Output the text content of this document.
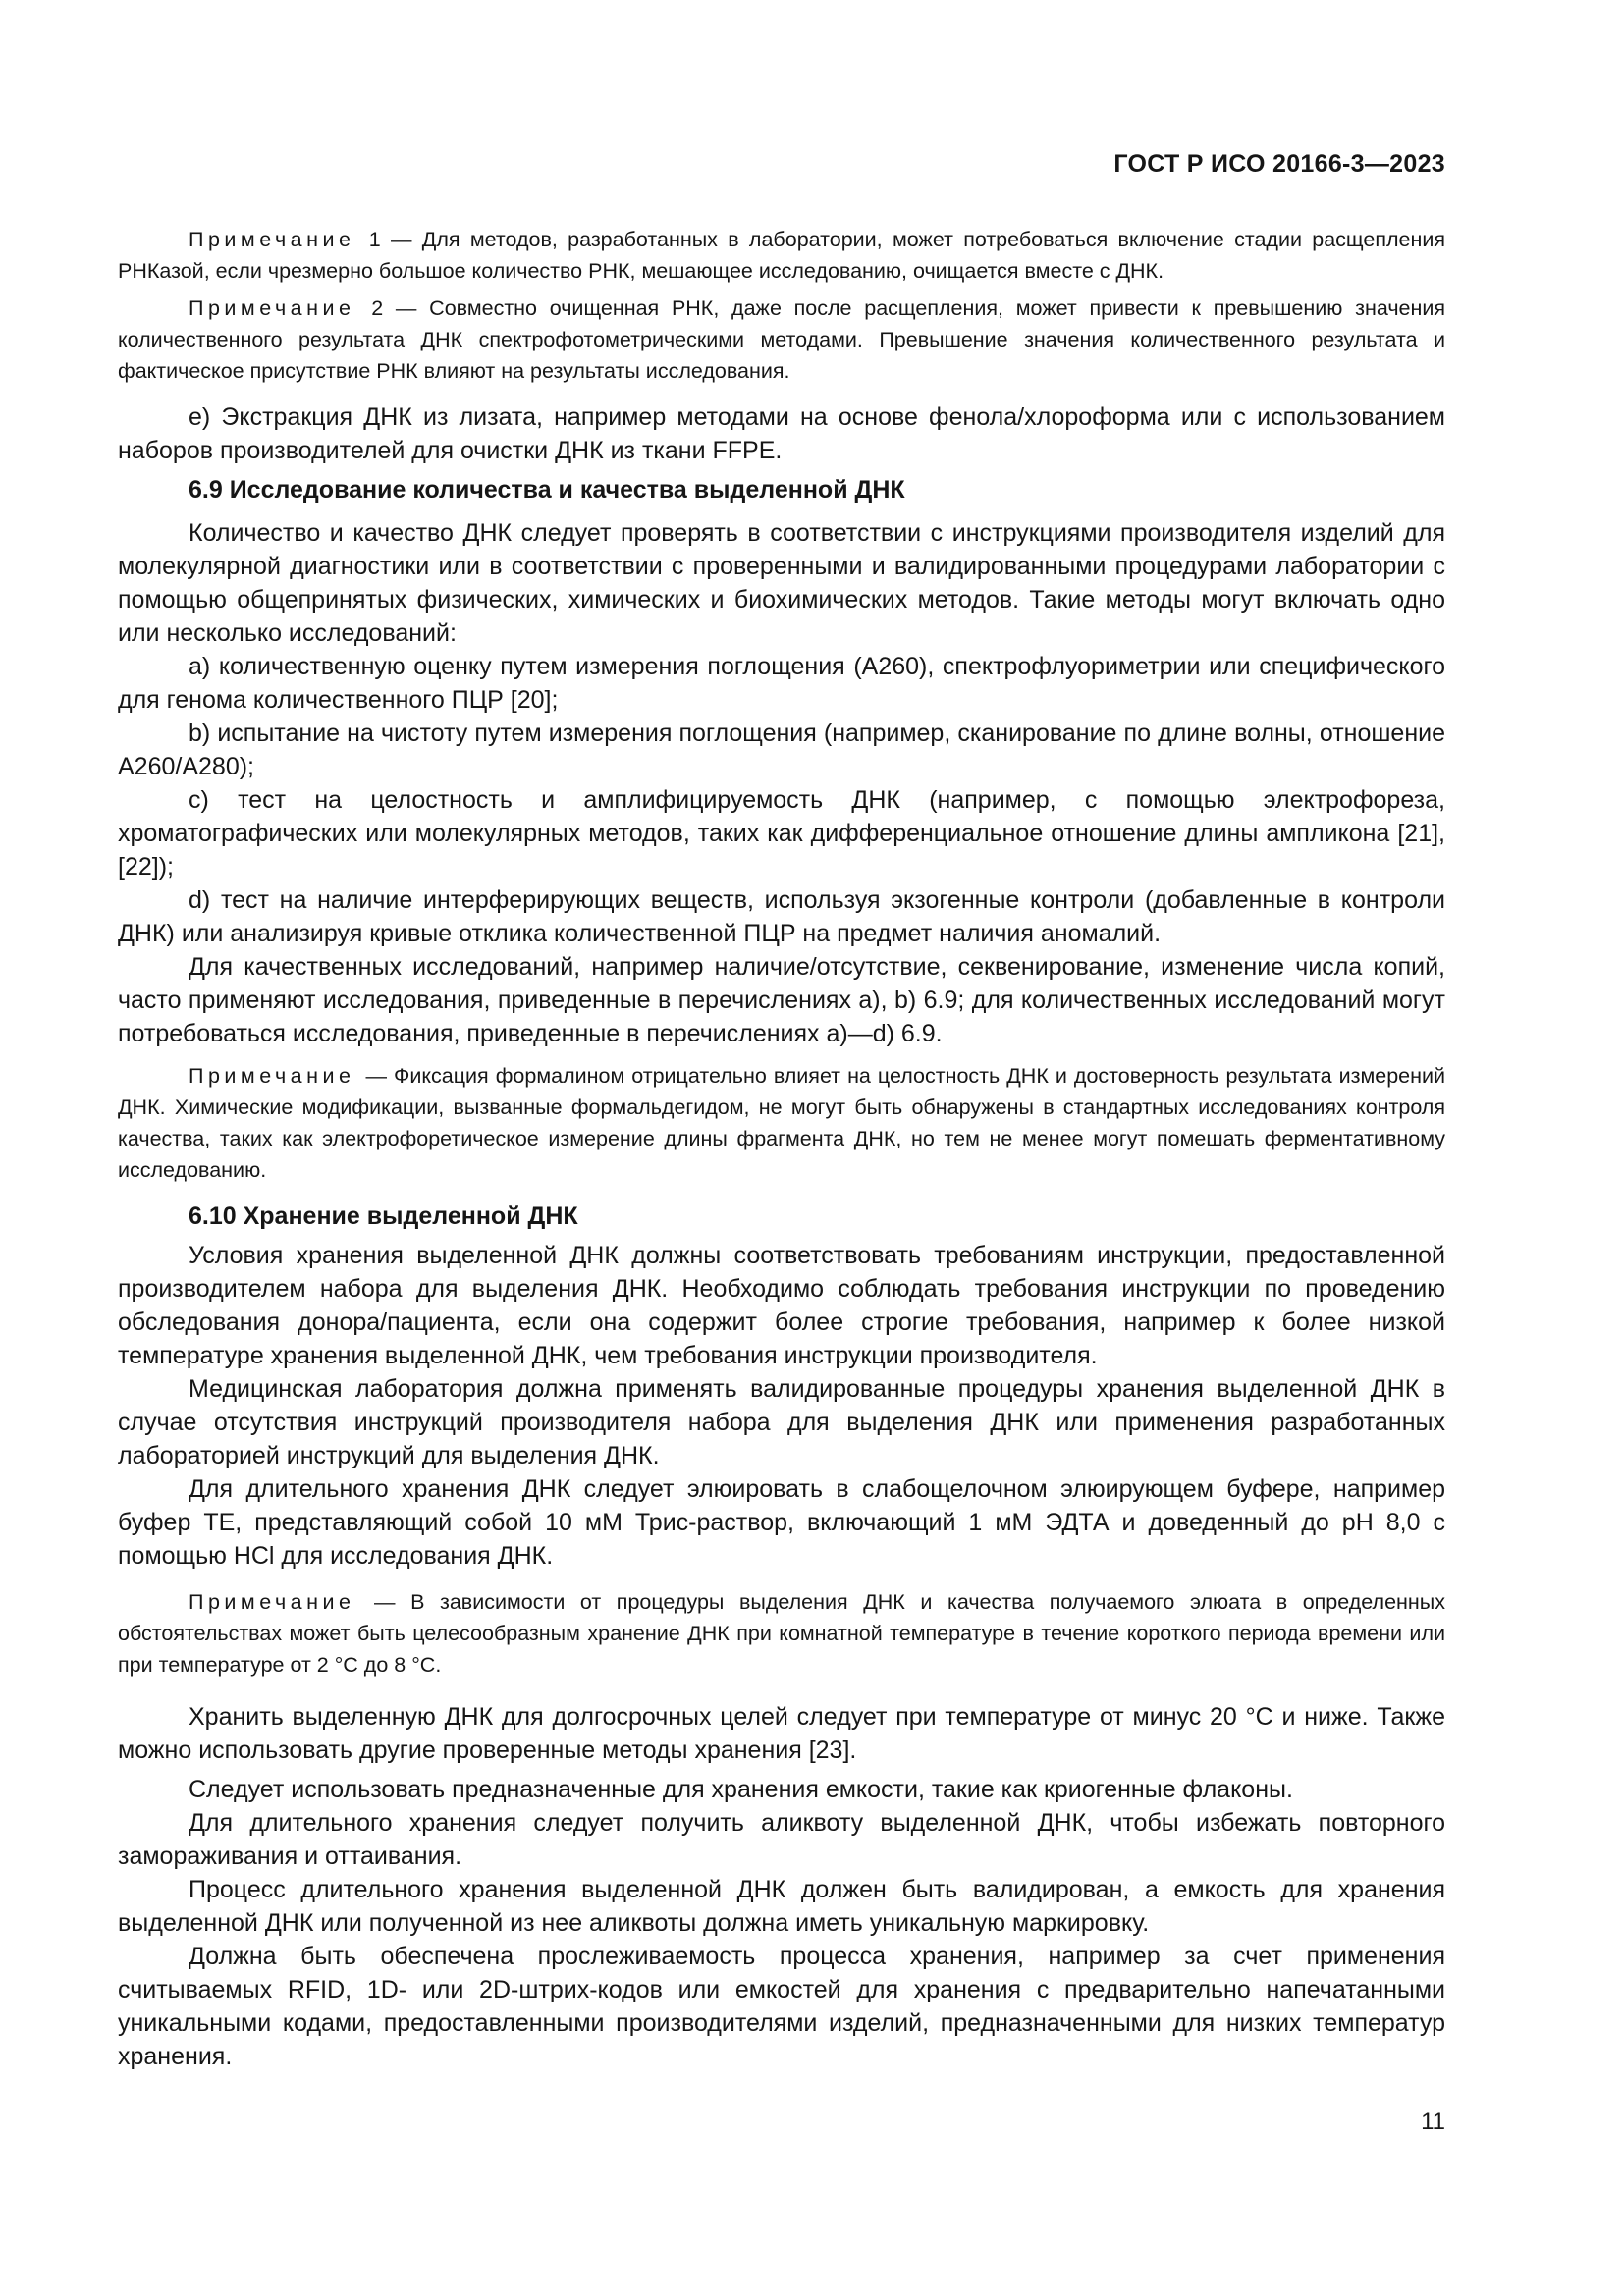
ГОСТ Р ИСО 20166-3—2023

Примечание 1 — Для методов, разработанных в лаборатории, может потребоваться включение стадии расщепления РНКазой, если чрезмерно большое количество РНК, мешающее исследованию, очищается вместе с ДНК.

Примечание 2 — Совместно очищенная РНК, даже после расщепления, может привести к превышению значения количественного результата ДНК спектрофотометрическими методами. Превышение значения количественного результата и фактическое присутствие РНК влияют на результаты исследования.

e) Экстракция ДНК из лизата, например методами на основе фенола/хлороформа или с использованием наборов производителей для очистки ДНК из ткани FFPE.

6.9 Исследование количества и качества выделенной ДНК

Количество и качество ДНК следует проверять в соответствии с инструкциями производителя изделий для молекулярной диагностики или в соответствии с проверенными и валидированными процедурами лаборатории с помощью общепринятых физических, химических и биохимических методов. Такие методы могут включать одно или несколько исследований:

a) количественную оценку путем измерения поглощения (A260), спектрофлуориметрии или специфического для генома количественного ПЦР [20];

b) испытание на чистоту путем измерения поглощения (например, сканирование по длине волны, отношение A260/A280);

c) тест на целостность и амплифицируемость ДНК (например, с помощью электрофореза, хроматографических или молекулярных методов, таких как дифференциальное отношение длины ампликона [21], [22]);

d) тест на наличие интерферирующих веществ, используя экзогенные контроли (добавленные в контроли ДНК) или анализируя кривые отклика количественной ПЦР на предмет наличия аномалий.

Для качественных исследований, например наличие/отсутствие, секвенирование, изменение числа копий, часто применяют исследования, приведенные в перечислениях a), b) 6.9; для количественных исследований могут потребоваться исследования, приведенные в перечислениях a)—d) 6.9.

Примечание — Фиксация формалином отрицательно влияет на целостность ДНК и достоверность результата измерений ДНК. Химические модификации, вызванные формальдегидом, не могут быть обнаружены в стандартных исследованиях контроля качества, таких как электрофоретическое измерение длины фрагмента ДНК, но тем не менее могут помешать ферментативному исследованию.

6.10 Хранение выделенной ДНК

Условия хранения выделенной ДНК должны соответствовать требованиям инструкции, предоставленной производителем набора для выделения ДНК. Необходимо соблюдать требования инструкции по проведению обследования донора/пациента, если она содержит более строгие требования, например к более низкой температуре хранения выделенной ДНК, чем требования инструкции производителя.

Медицинская лаборатория должна применять валидированные процедуры хранения выделенной ДНК в случае отсутствия инструкций производителя набора для выделения ДНК или применения разработанных лабораторией инструкций для выделения ДНК.

Для длительного хранения ДНК следует элюировать в слабощелочном элюирующем буфере, например буфер TE, представляющий собой 10 мМ Трис-раствор, включающий 1 мМ ЭДТА и доведенный до pH 8,0 с помощью HCl для исследования ДНК.

Примечание — В зависимости от процедуры выделения ДНК и качества получаемого элюата в определенных обстоятельствах может быть целесообразным хранение ДНК при комнатной температуре в течение короткого периода времени или при температуре от 2 °C до 8 °C.

Хранить выделенную ДНК для долгосрочных целей следует при температуре от минус 20 °C и ниже. Также можно использовать другие проверенные методы хранения [23].

Следует использовать предназначенные для хранения емкости, такие как криогенные флаконы.

Для длительного хранения следует получить аликвоту выделенной ДНК, чтобы избежать повторного замораживания и оттаивания.

Процесс длительного хранения выделенной ДНК должен быть валидирован, а емкость для хранения выделенной ДНК или полученной из нее аликвоты должна иметь уникальную маркировку.

Должна быть обеспечена прослеживаемость процесса хранения, например за счет применения считываемых RFID, 1D- или 2D-штрих-кодов или емкостей для хранения с предварительно напечатанными уникальными кодами, предоставленными производителями изделий, предназначенными для низких температур хранения.

11
